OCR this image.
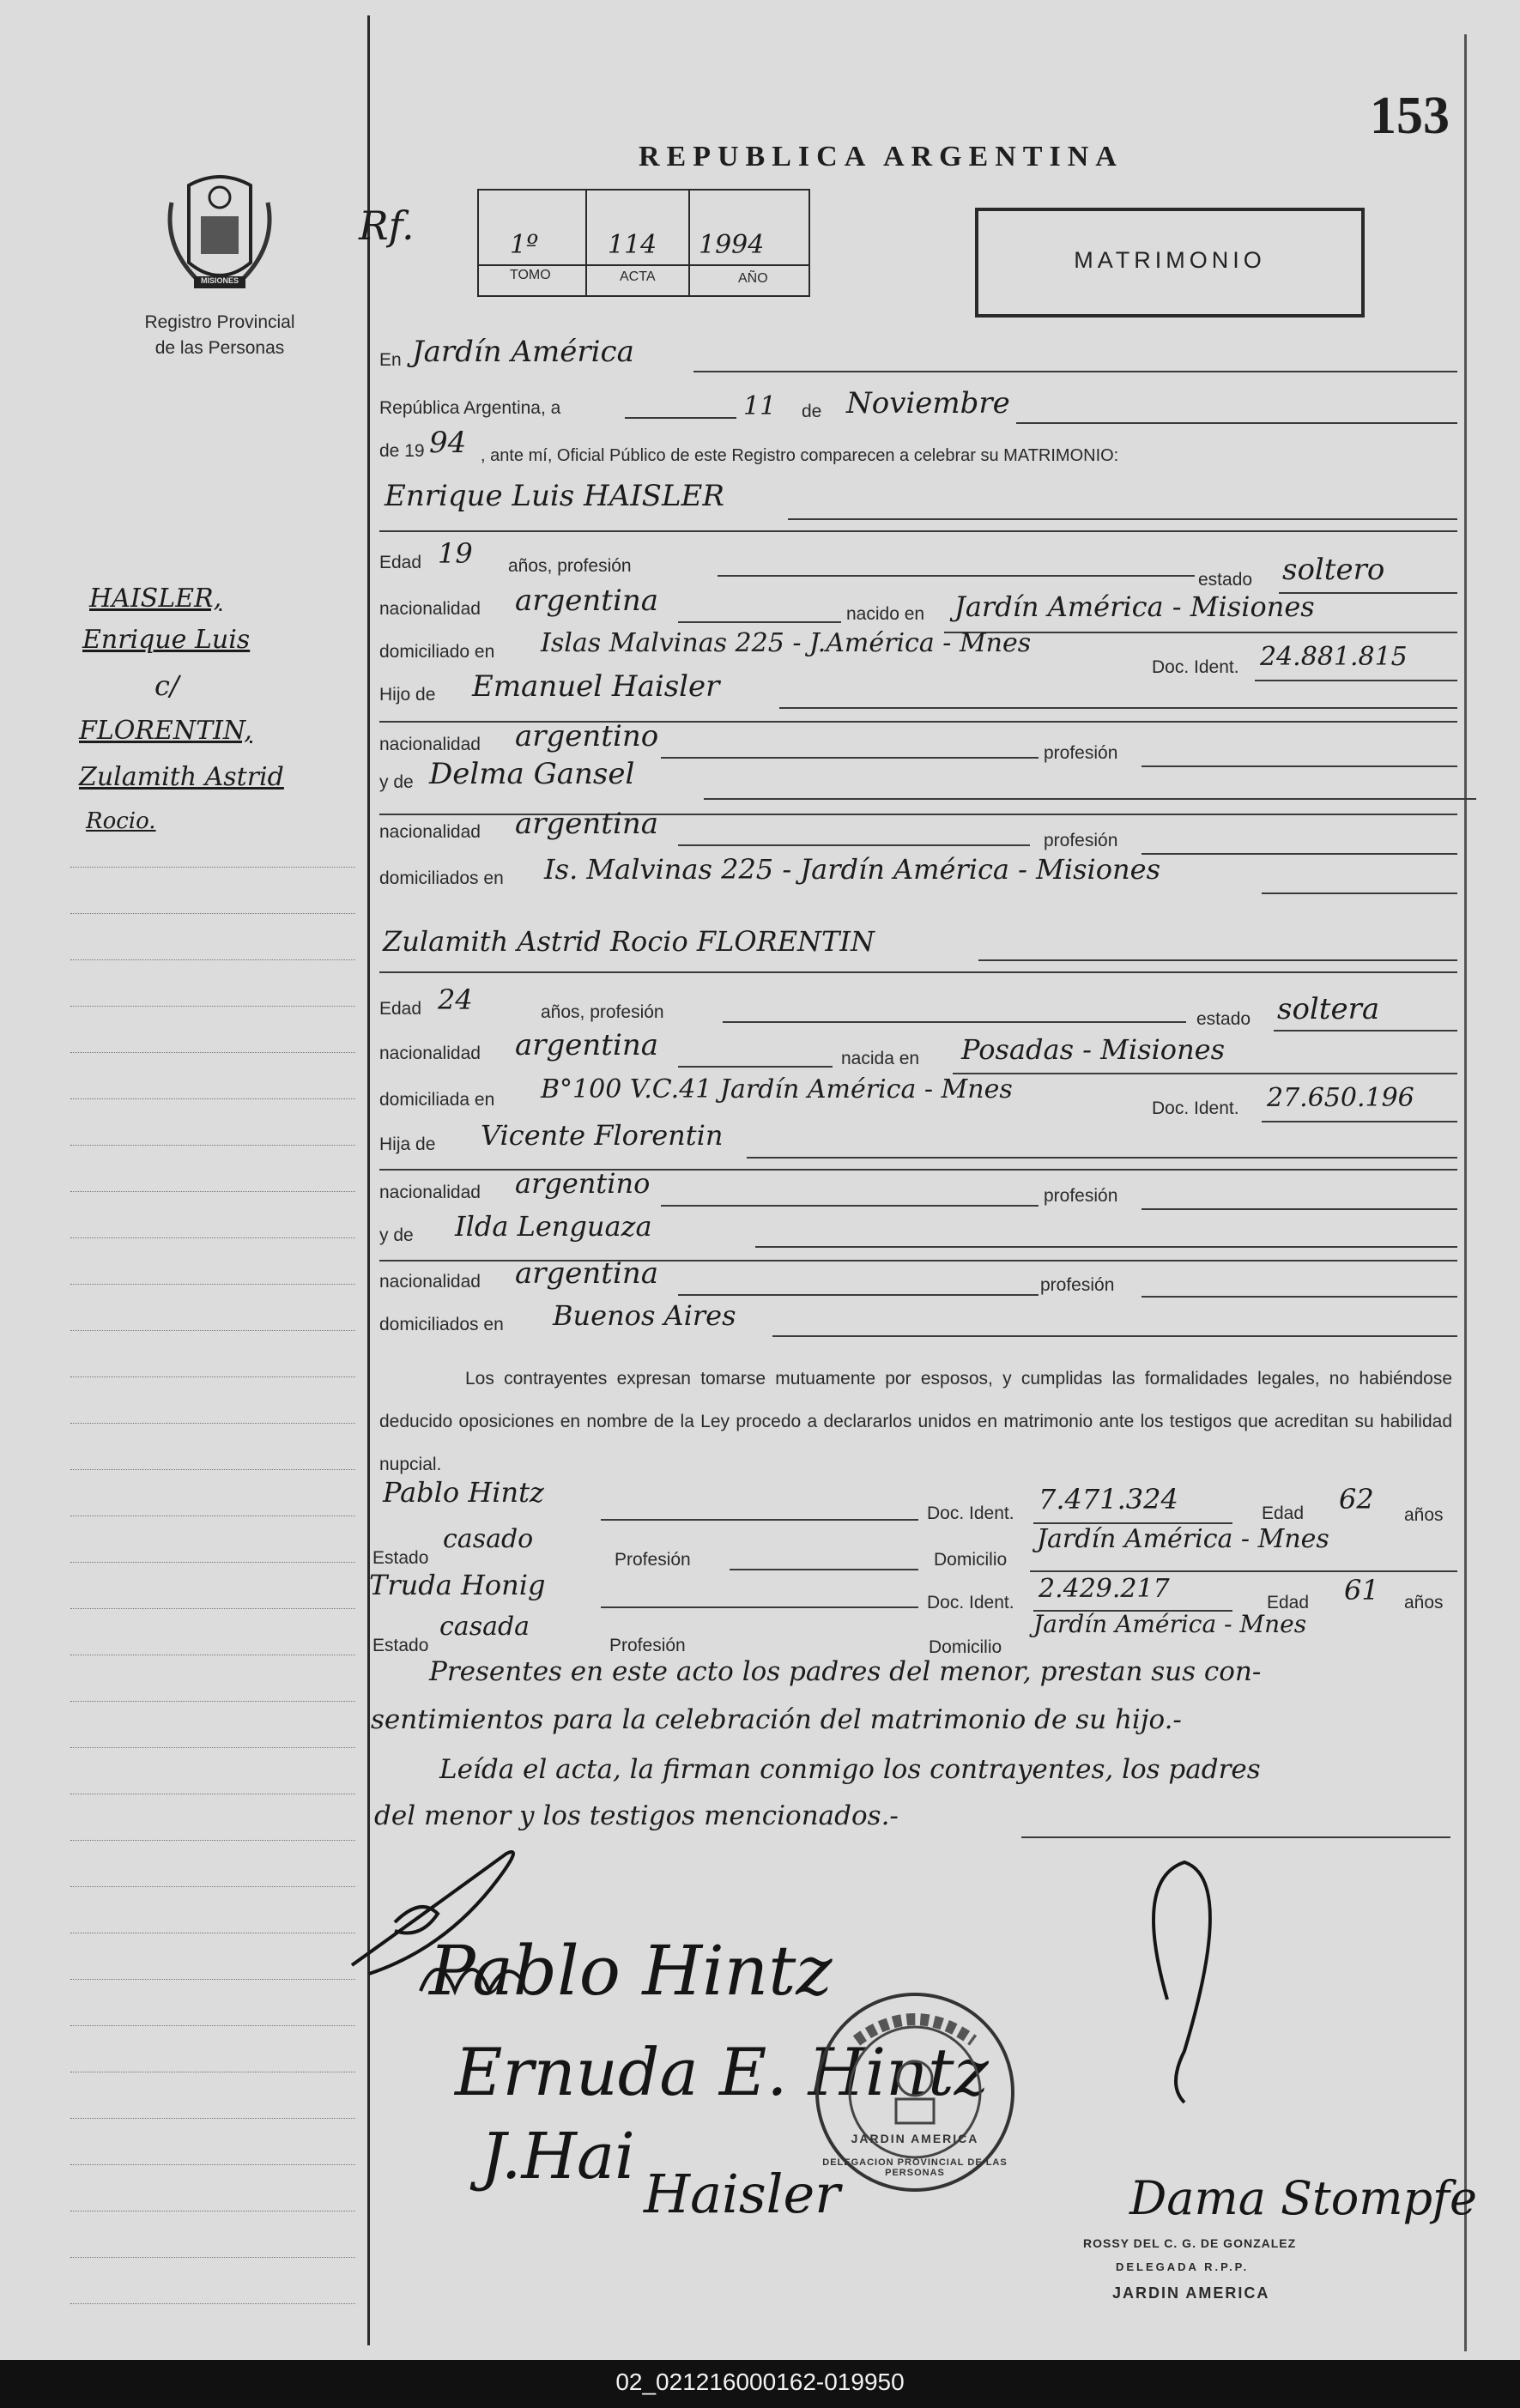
153
MISIONES
Registro Provincial
de las Personas
REPUBLICA ARGENTINA
Rf.	1º	114 1994
TOMO	ACTA	AÑO
MATRIMONIO
HAISLER,
Enrique Luis
c/
FLORENTIN,
Zulamith Astrid
Rocio.
En Jardín América
República Argentina, a	11 de Noviembre
de 19 94 , ante mí, Oficial Público de este Registro comparecen a celebrar su MATRIMONIO:
Enrique Luis HAISLER
Edad 19 años, profesión
estado soltero
nacionalidad argentina	nacido en Jardín América - Misiones
domiciliado en Islas Malvinas 225 - J.América - Mnes
Doc. Ident. 24.881.815
Hijo de Emanuel Haisler
nacionalidad argentino	profesión
y de Delma Gansel
nacionalidad argentina	profesión
domiciliados en Is. Malvinas 225 - Jardín América - Misiones
Zulamith Astrid Rocio FLORENTIN
Edad 24	años, profesión	estado soltera
nacionalidad argentina	nacida en Posadas - Misiones
domiciliada en B°100 V.C.41 Jardín América - Mnes
Doc. Ident. 27.650.196
Hija de Vicente Florentin
nacionalidad argentino	profesión
y de Ilda Lenguaza
nacionalidad argentina	profesión
domiciliados en Buenos Aires
Los contrayentes expresan tomarse mutuamente por esposos, y cumplidas las formalidades legales, no habiéndose deducido oposiciones en nombre de la Ley procedo a declararlos unidos en matrimonio ante los testigos que acreditan su habilidad nupcial.
Pablo Hintz
Doc. Ident. 7.471.324	Edad 62 años
Estado
casado
Profesión	Domicilio
Jardín América - Mnes
Truda Honig
Doc. Ident. 2.429.217	Edad 61 años
Estado
casada
Profesión	Domicilio
Jardín América - Mnes
Presentes en este acto los padres del menor, prestan sus con-
sentimientos para la celebración del matrimonio de su hijo.-
Leída el acta, la firman conmigo los contrayentes, los padres
del menor y los testigos mencionados.-
Pablo Hintz
Ernuda E. Hintz
J.Hai
Haisler	Dama Stompfe
DELEGACION PROVINCIAL DE LAS PERSONAS
JARDIN AMERICA
ROSSY DEL C. G. DE GONZALEZ
DELEGADA R.P.P.
JARDIN AMERICA
02_021216000162-019950
